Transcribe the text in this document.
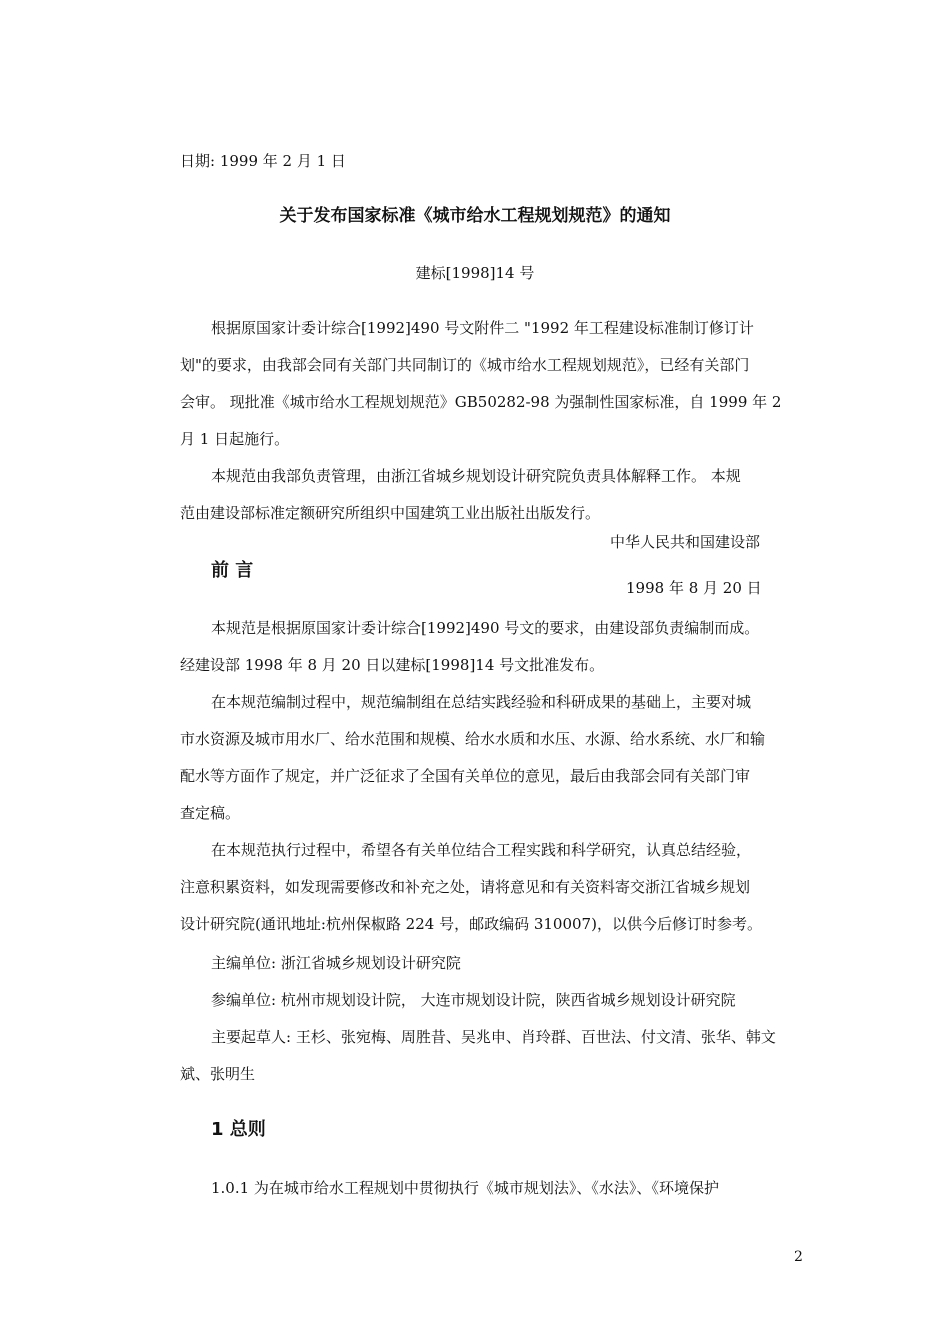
日期: 1999 年 2 月 1 日
关于发布国家标准《城市给水工程规划规范》的通知
建标[1998]14 号
根据原国家计委计综合[1992]490 号文附件二 "1992 年工程建设标准制订修订计
划"的要求，由我部会同有关部门共同制订的《城市给水工程规划规范》，已经有关部门
会审。 现批准《城市给水工程规划规范》GB50282-98 为强制性国家标准，自 1999 年 2
月 1 日起施行。
本规范由我部负责管理，由浙江省城乡规划设计研究院负责具体解释工作。 本规
范由建设部标准定额研究所组织中国建筑工业出版社出版发行。
中华人民共和国建设部
前 言
1998 年 8 月 20 日
本规范是根据原国家计委计综合[1992]490 号文的要求，由建设部负责编制而成。
经建设部 1998 年 8 月 20 日以建标[1998]14 号文批准发布。
在本规范编制过程中，规范编制组在总结实践经验和科研成果的基础上，主要对城
市水资源及城市用水厂、给水范围和规模、给水水质和水压、水源、给水系统、水厂和输
配水等方面作了规定，并广泛征求了全国有关单位的意见，最后由我部会同有关部门审
查定稿。
在本规范执行过程中，希望各有关单位结合工程实践和科学研究，认真总结经验，
注意积累资料，如发现需要修改和补充之处，请将意见和有关资料寄交浙江省城乡规划
设计研究院(通讯地址:杭州保椒路 224 号，邮政编码 310007)，以供今后修订时参考。
主编单位: 浙江省城乡规划设计研究院
参编单位: 杭州市规划设计院， 大连市规划设计院，陕西省城乡规划设计研究院
主要起草人: 王杉、张宛梅、周胜昔、吴兆申、肖玲群、百世法、付文清、张华、韩文
斌、张明生
1 总则
1.0.1 为在城市给水工程规划中贯彻执行《城市规划法》、《水法》、《环境保护
2
